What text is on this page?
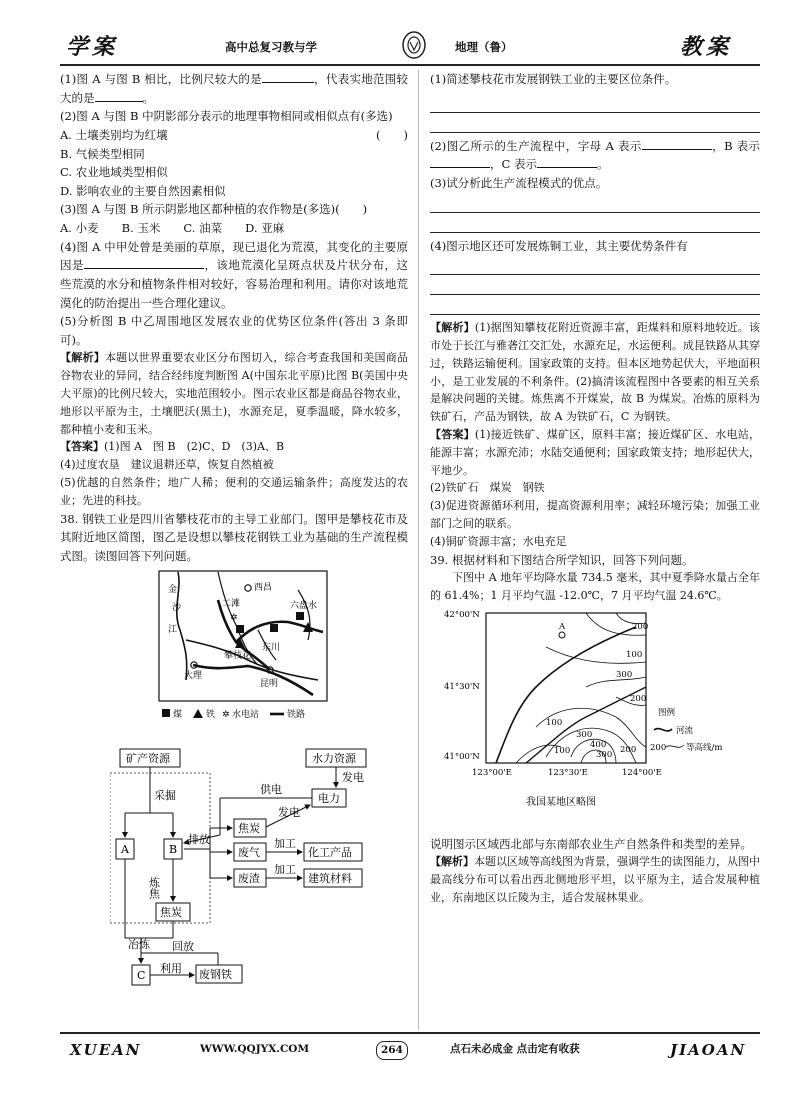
学案	高中总复习教与学	地理（鲁）	教案

(1)图 A 与图 B 相比，比例尺较大的是	，代表实地范围较大的是	。

(2)图 A 与图 B 中阴影部分表示的地理事物相同或相似点有(多选)
(　　)

A. 土壤类别均为红壤

B. 气候类型相同

C. 农业地域类型相似

D. 影响农业的主要自然因素相似

(3)图 A 与图 B 所示阴影地区都种植的农作物是(多选)(　　)

A. 小麦　　B. 玉米　　C. 油菜　　D. 亚麻

(4)图 A 中甲处曾是美丽的草原，现已退化为荒漠，其变化的主要原因是	，该地荒漠化呈斑点状及片状分布，这些荒漠的水分和植物条件相对较好，容易治理和利用。请你对该地荒漠化的防治提出一些合理化建议。

(5)分析图 B 中乙周围地区发展农业的优势区位条件(答出 3 条即可)。

【解析】本题以世界重要农业区分布图切入，综合考查我国和美国商品谷物农业的异同，结合经纬度判断图 A(中国东北平原)比图 B(美国中央大平原)的比例尺较大，实地范围较小。图示农业区都是商品谷物农业，地形以平原为主，土壤肥沃(黑土)，水源充足，夏季温暖，降水较多，都种植小麦和玉米。

【答案】(1)图 A　图 B　(2)C、D　(3)A、B

(4)过度农垦　建议退耕还草，恢复自然植被

(5)优越的自然条件；地广人稀；便利的交通运输条件；高度发达的农业；先进的科技。

38. 钢铁工业是四川省攀枝花市的主导工业部门。图甲是攀枝花市及其附近地区简图，图乙是设想以攀枝花钢铁工业为基础的生产流程模式图。读图回答下列问题。

✲
金
沙
江
二滩
西昌
六盘水
攀枝花
东川
大理
昆明
煤	铁 ✲ 水电站	铁路

矿产资源	水力资源
电力
焦炭
废气
废渣
化工产品
建筑材料
A	B
焦炭
C	废钢铁
采掘
发电
供电
发电
排放	加工
加工
炼焦
冶炼 回放
利用

(1)简述攀枝花市发展钢铁工业的主要区位条件。

(2)图乙所示的生产流程中，字母 A 表示	，B 表示，C 表示	。

(3)试分析此生产流程模式的优点。

(4)图示地区还可发展炼铜工业，其主要优势条件有

【解析】(1)据图知攀枝花附近资源丰富，距煤料和原料地较近。该市处于长江与雅砻江交汇处，水源充足，水运便利。成昆铁路从其穿过，铁路运输便利。国家政策的支持。但本区地势起伏大，平地面积小，是工业发展的不利条件。(2)搞清该流程图中各要素的相互关系是解决问题的关键。炼焦离不开煤炭，故 B 为煤炭。冶炼的原料为铁矿石，产品为钢铁，故 A 为铁矿石，C 为钢铁。

【答案】(1)接近铁矿、煤矿区，原料丰富；接近煤矿区、水电站，能源丰富；水源充沛；水陆交通便利；国家政策支持；地形起伏大，平地少。

(2)铁矿石　煤炭　钢铁

(3)促进资源循环利用，提高资源利用率；减轻环境污染；加强工业部门之间的联系。

(4)铜矿资源丰富；水电充足

39. 根据材料和下图结合所学知识，回答下列问题。

下图中 A 地年平均降水量 734.5 毫米，其中夏季降水量占全年的 61.4%；1 月平均气温 -12.0℃，7 月平均气温 24.6℃。

42°00'N
41°30'N
41°00'N
123°00'E	123°30'E	124°00'E
A	200
100
300
200
100
300
400
300 200
100
图例
河流
200 等高线/m
我国某地区略图

说明图示区域西北部与东南部农业生产自然条件和类型的差异。

【解析】本题以区域等高线图为背景，强调学生的读图能力，从图中最高线分布可以看出西北侧地形平坦，以平原为主，适合发展种植业，东南地区以丘陵为主，适合发展林果业。

XUEAN	WWW.QQJYX.COM	264	点石未必成金 点击定有收获	JIAOAN
